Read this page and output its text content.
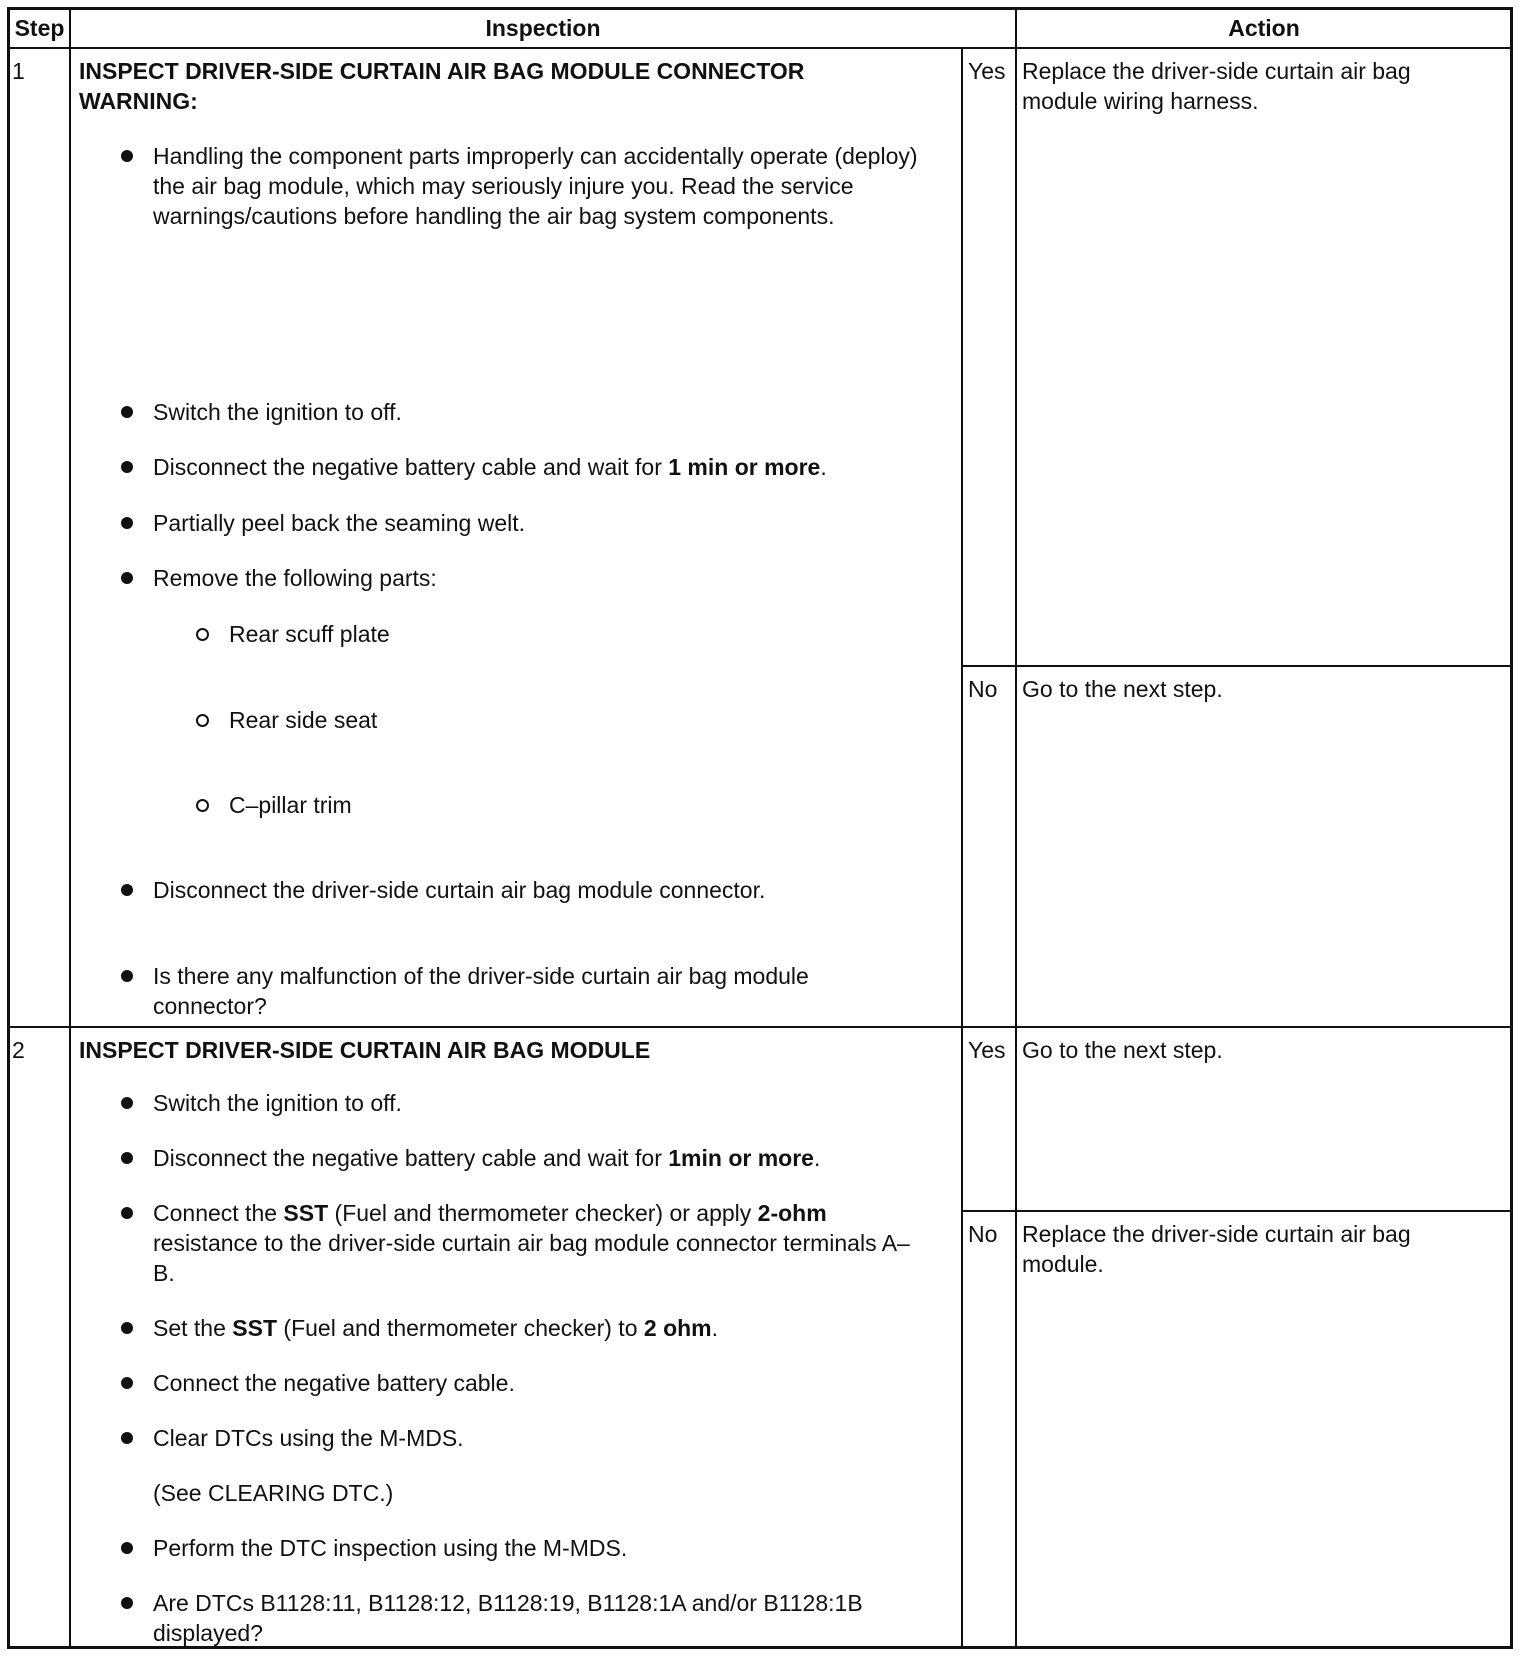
Step	Inspection	Action
1 INSPECT DRIVER-SIDE CURTAIN AIR BAG MODULE CONNECTOR
WARNING:
Handling the component parts improperly can accidentally operate (deploy) the air bag module, which may seriously injure you. Read the service warnings/cautions before handling the air bag system components.
Switch the ignition to off.
Disconnect the negative battery cable and wait for 1 min or more.
Partially peel back the seaming welt.
Remove the following parts:
Rear scuff plate
Rear side seat
C–pillar trim
Disconnect the driver-side curtain air bag module connector.
Is there any malfunction of the driver-side curtain air bag module connector?
Yes Replace the driver-side curtain air bag module wiring harness.
No Go to the next step.
2 INSPECT DRIVER-SIDE CURTAIN AIR BAG MODULE
Switch the ignition to off.
Disconnect the negative battery cable and wait for 1min or more.
Connect the SST (Fuel and thermometer checker) or apply 2-ohm resistance to the driver-side curtain air bag module connector terminals A–B.
Set the SST (Fuel and thermometer checker) to 2 ohm.
Connect the negative battery cable.
Clear DTCs using the M-MDS.
(See CLEARING DTC.)
Perform the DTC inspection using the M-MDS.
Are DTCs B1128:11, B1128:12, B1128:19, B1128:1A and/or B1128:1B displayed?
Yes Go to the next step.
No Replace the driver-side curtain air bag module.
